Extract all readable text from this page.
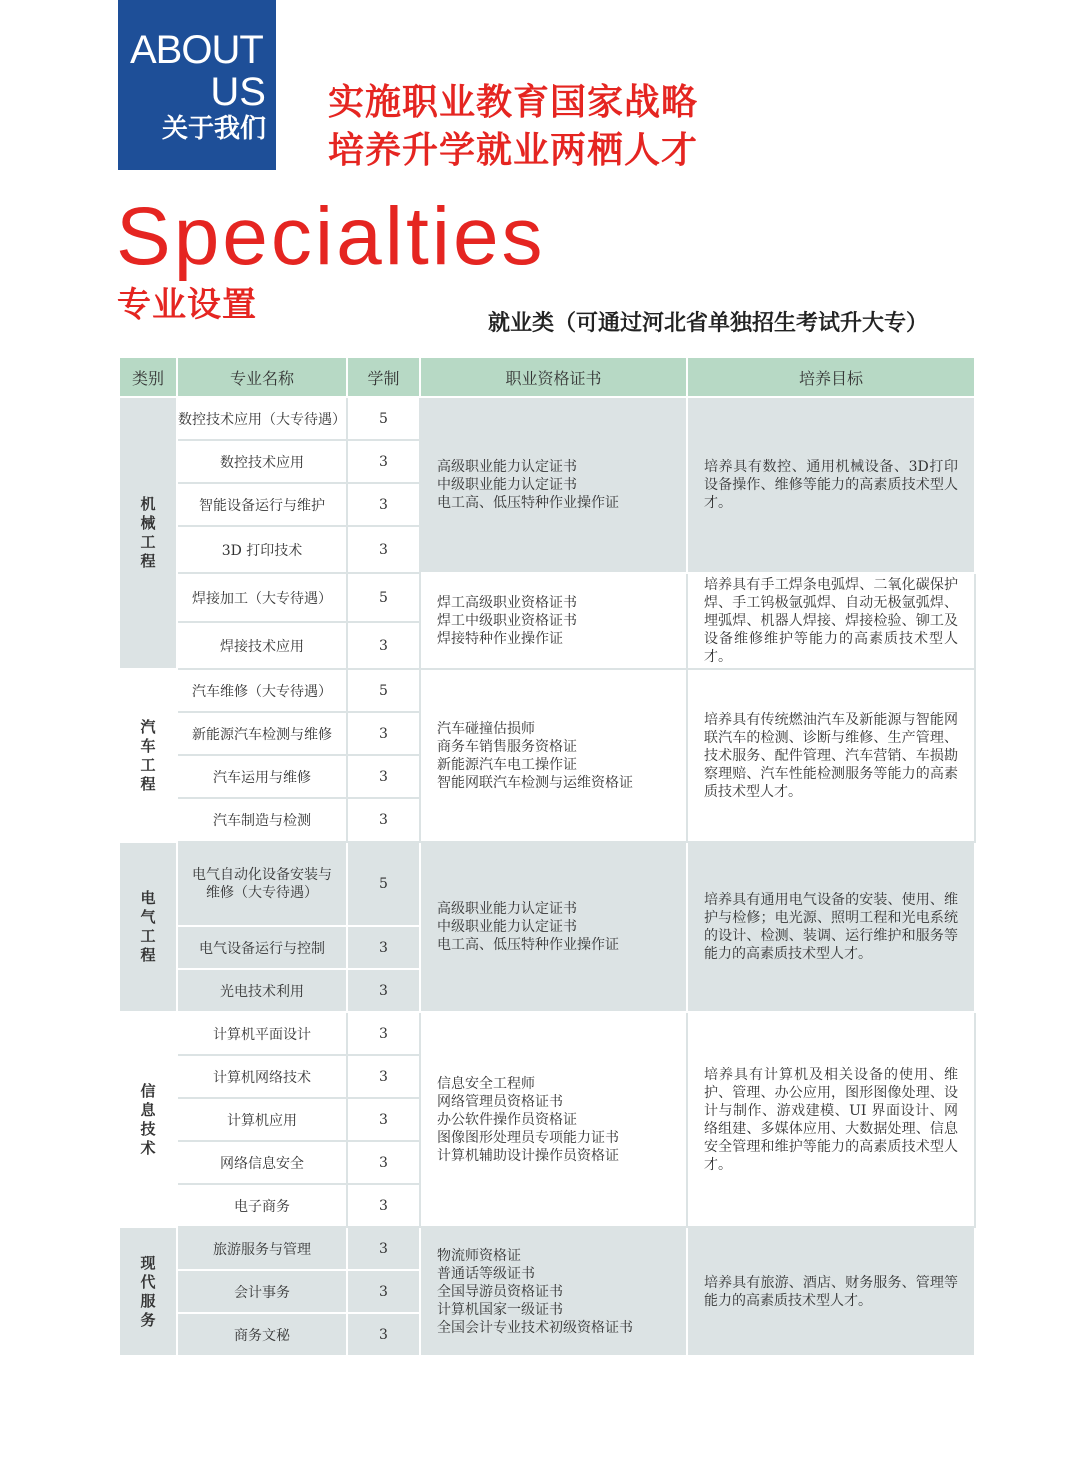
ABOUT
US
关于我们
实施职业教育国家战略
培养升学就业两栖人才
Specialties
专业设置	就业类（可通过河北省单独招生考试升大专）
类别	专业名称	学制	职业资格证书	培养目标
机械工程	数控技术应用（大专待遇）	5	高级职业能力认定证书
中级职业能力认定证书
电工高、低压特种作业操作证	培养具有数控、通用机械设备、3D打印设备操作、维修等能力的高素质技术型人才。
	数控技术应用	3		
	智能设备运行与维护	3		
	3D 打印技术	3		
	焊接加工（大专待遇）	5	焊工高级职业资格证书
焊工中级职业资格证书
焊接特种作业操作证	培养具有手工焊条电弧焊、二氧化碳保护焊、手工钨极氩弧焊、自动无极氩弧焊、埋弧焊、机器人焊接、焊接检验、铆工及设备维修维护等能力的高素质技术型人才。
	焊接技术应用	3		
汽车工程	汽车维修（大专待遇）	5	汽车碰撞估损师
商务车销售服务资格证
新能源汽车电工操作证
智能网联汽车检测与运维资格证	培养具有传统燃油汽车及新能源与智能网联汽车的检测、诊断与维修、生产管理、技术服务、配件管理、汽车营销、车损勘察理赔、汽车性能检测服务等能力的高素质技术型人才。
	新能源汽车检测与维修	3		
	汽车运用与维修	3		
	汽车制造与检测	3		
电气工程	电气自动化设备安装与维修（大专待遇）	5	高级职业能力认定证书
中级职业能力认定证书
电工高、低压特种作业操作证	培养具有通用电气设备的安装、使用、维护与检修；电光源、照明工程和光电系统的设计、检测、装调、运行维护和服务等能力的高素质技术型人才。
	电气设备运行与控制	3		
	光电技术利用	3		
信息技术	计算机平面设计	3	信息安全工程师
网络管理员资格证书
办公软件操作员资格证
图像图形处理员专项能力证书
计算机辅助设计操作员资格证	培养具有计算机及相关设备的使用、维护、管理、办公应用，图形图像处理、设计与制作、游戏建模、UI 界面设计、网络组建、多媒体应用、大数据处理、信息安全管理和维护等能力的高素质技术型人才。
	计算机网络技术	3		
	计算机应用	3		
	网络信息安全	3		
	电子商务	3		
现代服务	旅游服务与管理	3	物流师资格证
普通话等级证书
全国导游员资格证书
计算机国家一级证书
全国会计专业技术初级资格证书	培养具有旅游、酒店、财务服务、管理等能力的高素质技术型人才。
	会计事务	3		
	商务文秘	3		
